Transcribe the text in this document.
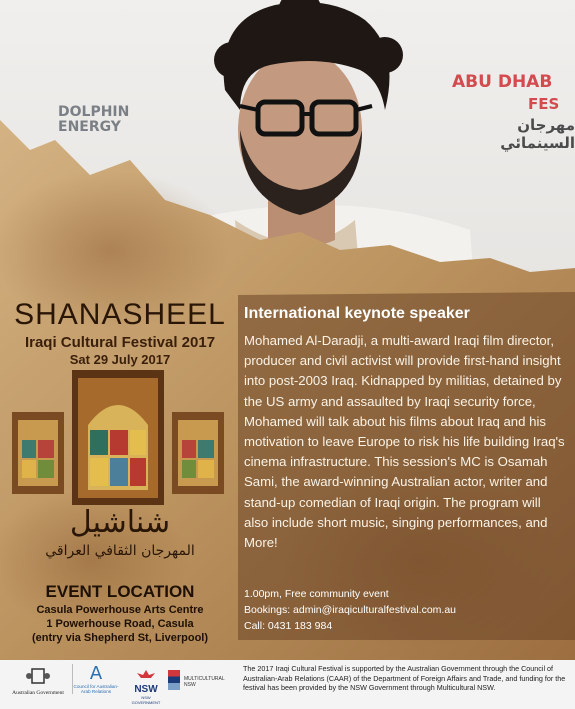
DOLPHIN
ENERGY
ABU DHAB
FES
مهرجان السينمائي
SHANASHEEL
Iraqi Cultural Festival 2017
Sat 29 July 2017
شناشيل
المهرجان الثقافي العراقي
EVENT LOCATION
Casula Powerhouse Arts Centre
1 Powerhouse Road, Casula
(entry via Shepherd St, Liverpool)
International keynote speaker
Mohamed Al-Daradji, a multi-award Iraqi film director, producer and civil activist will provide first-hand insight into post-2003 Iraq. Kidnapped by militias, detained by the US army and assaulted by Iraqi security force, Mohamed will talk about his films about Iraq and his motivation to leave Europe to risk his life building Iraq's cinema infrastructure. This session's MC is Osamah Sami, the award-winning Australian actor, writer and stand-up comedian of Iraqi origin. The program will also include short music, singing performances, and More!
1.00pm, Free community event
Bookings: admin@iraqiculturalfestival.com.au
Call: 0431 183 984
Australian Government
A
Council for Australian-Arab Relations	NSW
NSW GOVERNMENT
MULTICULTURAL NSW
The 2017 Iraqi Cultural Festival is supported by the Australian Government through the Council of Australian-Arab Relations (CAAR) of the Department of Foreign Affairs and Trade, and funding for the festival has been provided by the NSW Government through Multicultural NSW.
